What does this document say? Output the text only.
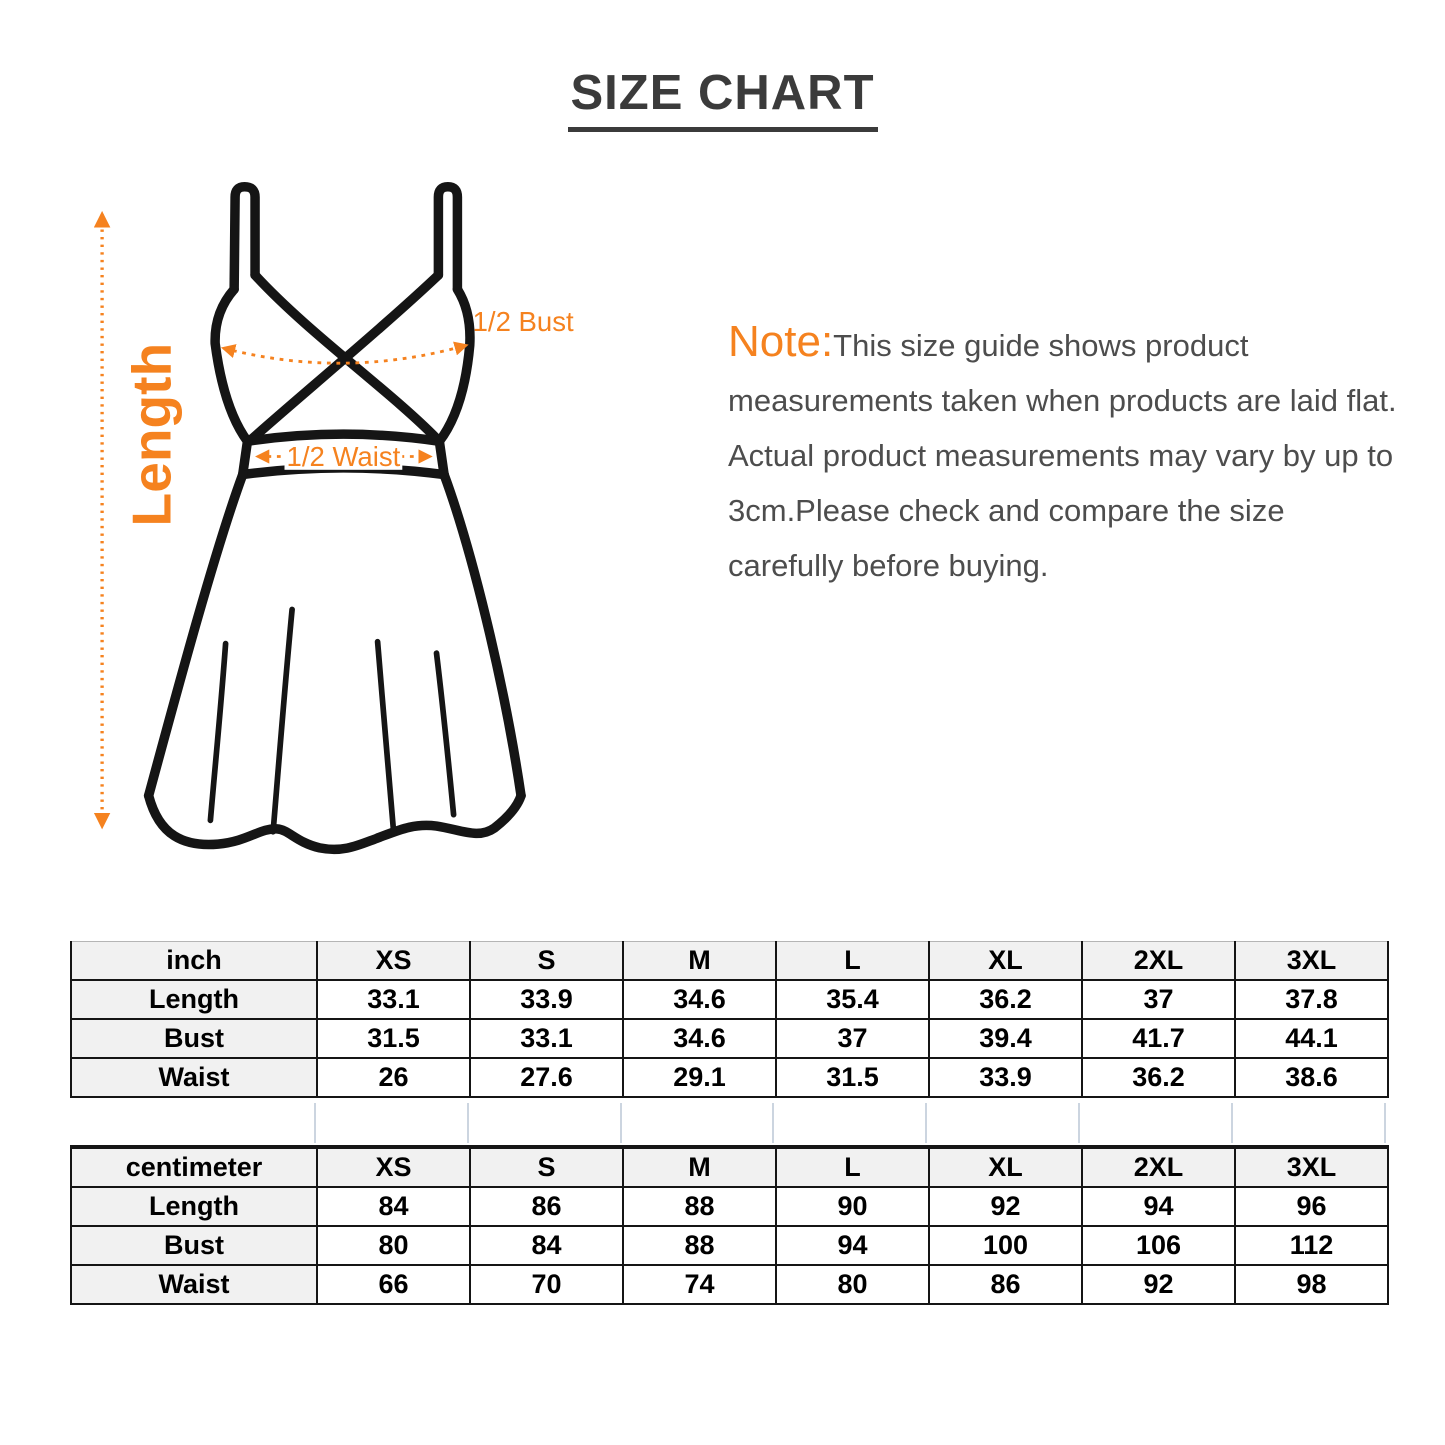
SIZE CHART
Length
1/2 Bust
1/2 Waist

Note:This size guide shows product measurements taken when products are laid flat. Actual product measurements may vary by up to 3cm.Please check and compare the size carefully before buying.

inch	XS	S	M	L	XL	2XL	3XL
Length	33.1	33.9	34.6	35.4	36.2	37	37.8
Bust	31.5	33.1	34.6	37	39.4	41.7	44.1
Waist	26	27.6	29.1	31.5	33.9	36.2	38.6
centimeter	XS	S	M	L	XL	2XL	3XL
Length	84	86	88	90	92	94	96
Bust	80	84	88	94	100	106	112
Waist	66	70	74	80	86	92	98
